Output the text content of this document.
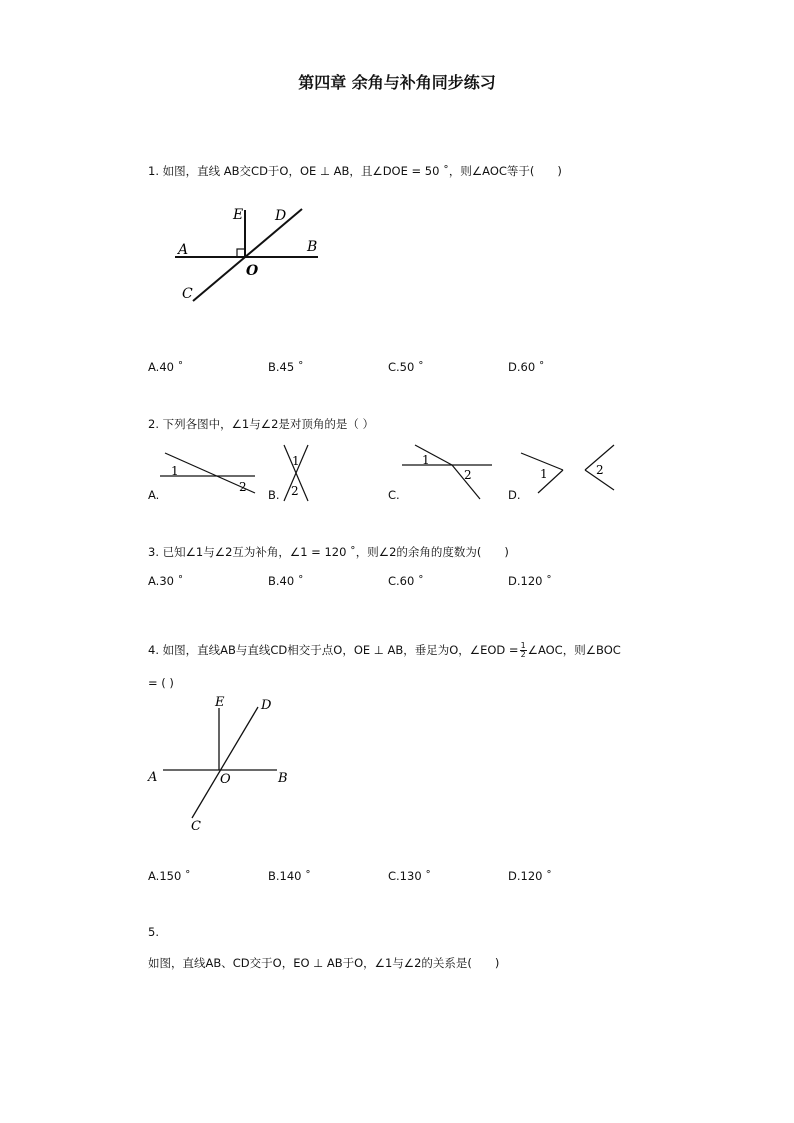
第四章 余角与补角同步练习
1. 如图，直线 AB交CD于O，OE ⊥ AB，且∠DOE = 50 ˚，则∠AOC等于(　　)
E D
A	B
O
C
A.40 ˚	B.45 ˚	C.50 ˚	D.60 ˚
2. 下列各图中，∠1与∠2是对顶角的是（ ）
A.
1
2
B.
1
2	C.
1
2
D.
1	2
3. 已知∠1与∠2互为补角，∠1 = 120 ˚，则∠2的余角的度数为(　　)
A.30 ˚	B.40 ˚	C.60 ˚	D.120 ˚
4. 如图，直线AB与直线CD相交于点O，OE ⊥ AB，垂足为O，∠EOD = $\frac{1}{2}$ ∠AOC，则∠BOC
= ( )
E	D
A	O	B
C
A.150 ˚	B.140 ˚	C.130 ˚	D.120 ˚
5.
如图，直线AB、CD交于O，EO ⊥ AB于O，∠1与∠2的关系是(　　)
